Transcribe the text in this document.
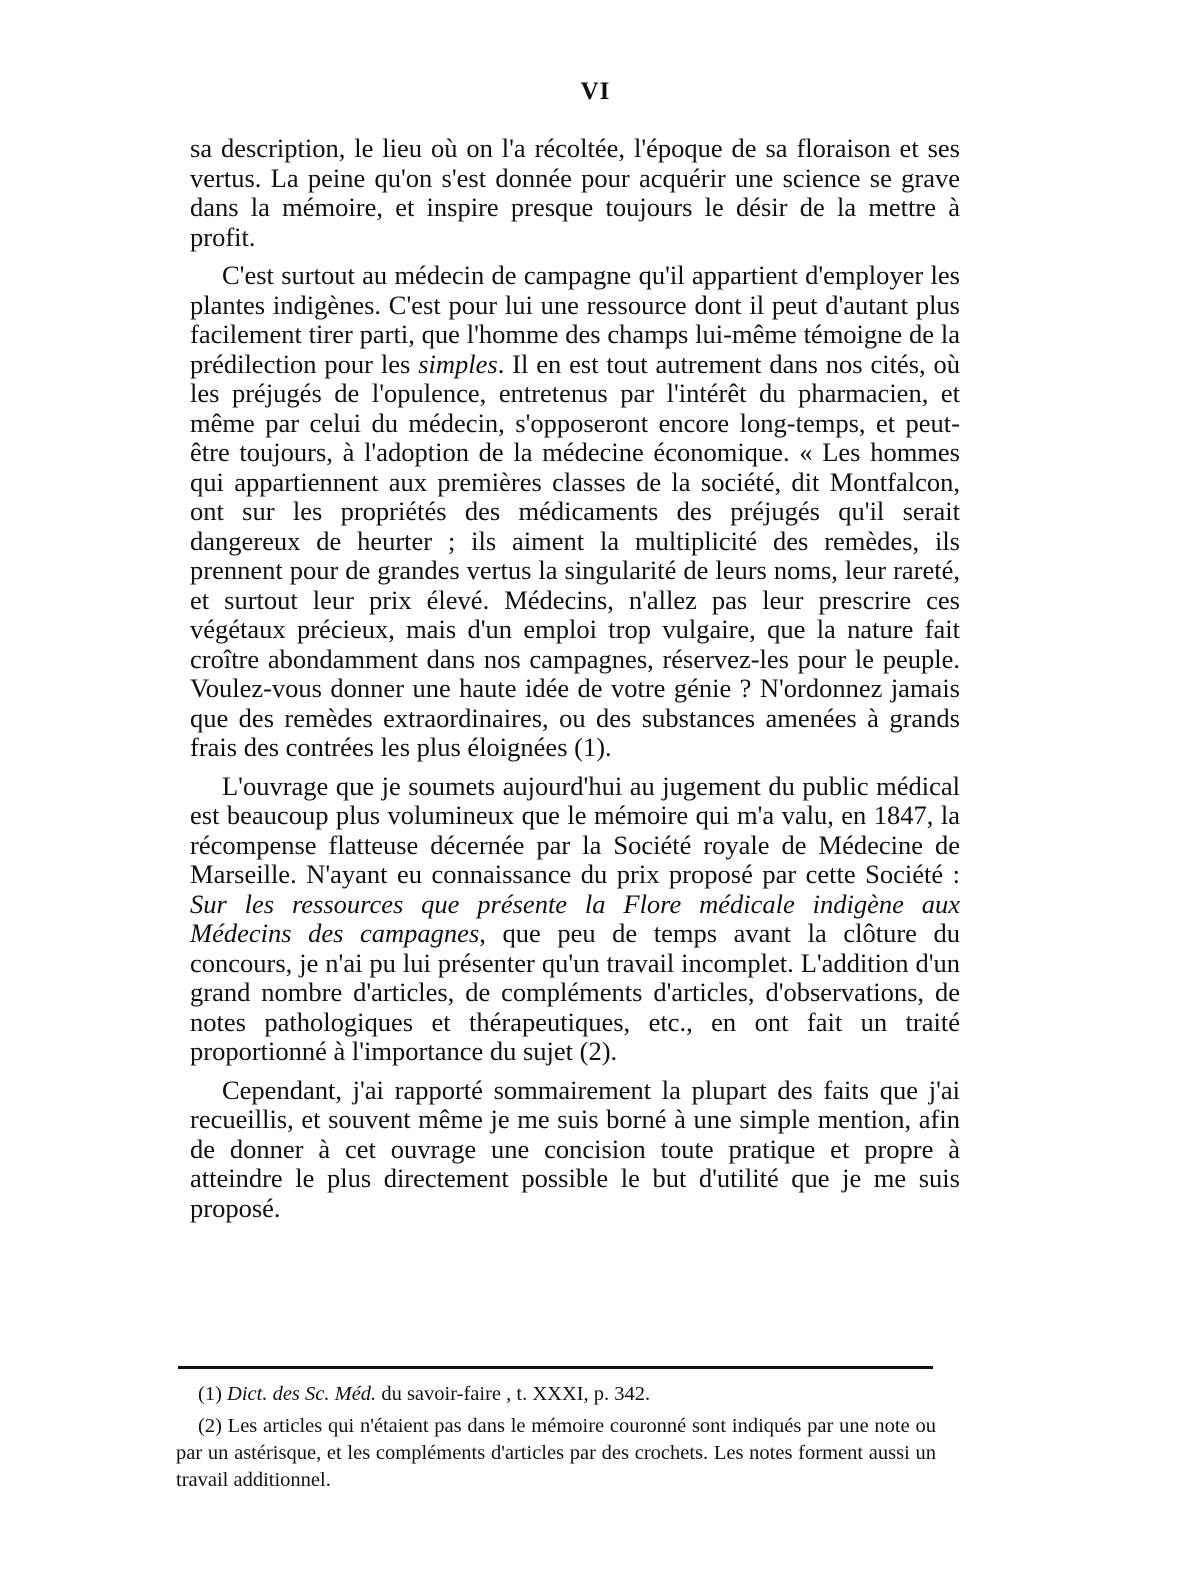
VI

sa description, le lieu où on l'a récoltée, l'époque de sa floraison et ses vertus. La peine qu'on s'est donnée pour acquérir une science se grave dans la mémoire, et inspire presque toujours le désir de la mettre à profit.

C'est surtout au médecin de campagne qu'il appartient d'employer les plantes indigènes. C'est pour lui une ressource dont il peut d'autant plus facilement tirer parti, que l'homme des champs lui-même témoigne de la prédilection pour les simples. Il en est tout autrement dans nos cités, où les préjugés de l'opulence, entretenus par l'intérêt du pharmacien, et même par celui du médecin, s'opposeront encore long-temps, et peut-être toujours, à l'adoption de la médecine économique. « Les hommes qui appartiennent aux premières classes de la société, dit Montfalcon, ont sur les propriétés des médicaments des préjugés qu'il serait dangereux de heurter ; ils aiment la multiplicité des remèdes, ils prennent pour de grandes vertus la singularité de leurs noms, leur rareté, et surtout leur prix élevé. Médecins, n'allez pas leur prescrire ces végétaux précieux, mais d'un emploi trop vulgaire, que la nature fait croître abondamment dans nos campagnes, réservez-les pour le peuple. Voulez-vous donner une haute idée de votre génie ? N'ordonnez jamais que des remèdes extraordinaires, ou des substances amenées à grands frais des contrées les plus éloignées (1).

L'ouvrage que je soumets aujourd'hui au jugement du public médical est beaucoup plus volumineux que le mémoire qui m'a valu, en 1847, la récompense flatteuse décernée par la Société royale de Médecine de Marseille. N'ayant eu connaissance du prix proposé par cette Société : Sur les ressources que présente la Flore médicale indigène aux Médecins des campagnes, que peu de temps avant la clôture du concours, je n'ai pu lui présenter qu'un travail incomplet. L'addition d'un grand nombre d'articles, de compléments d'articles, d'observations, de notes pathologiques et thérapeutiques, etc., en ont fait un traité proportionné à l'importance du sujet (2).

Cependant, j'ai rapporté sommairement la plupart des faits que j'ai recueillis, et souvent même je me suis borné à une simple mention, afin de donner à cet ouvrage une concision toute pratique et propre à atteindre le plus directement possible le but d'utilité que je me suis proposé.

(1) Dict. des Sc. Méd. du savoir-faire , t. XXXI, p. 342.

(2) Les articles qui n'étaient pas dans le mémoire couronné sont indiqués par une note ou par un astérisque, et les compléments d'articles par des crochets. Les notes forment aussi un travail additionnel.
